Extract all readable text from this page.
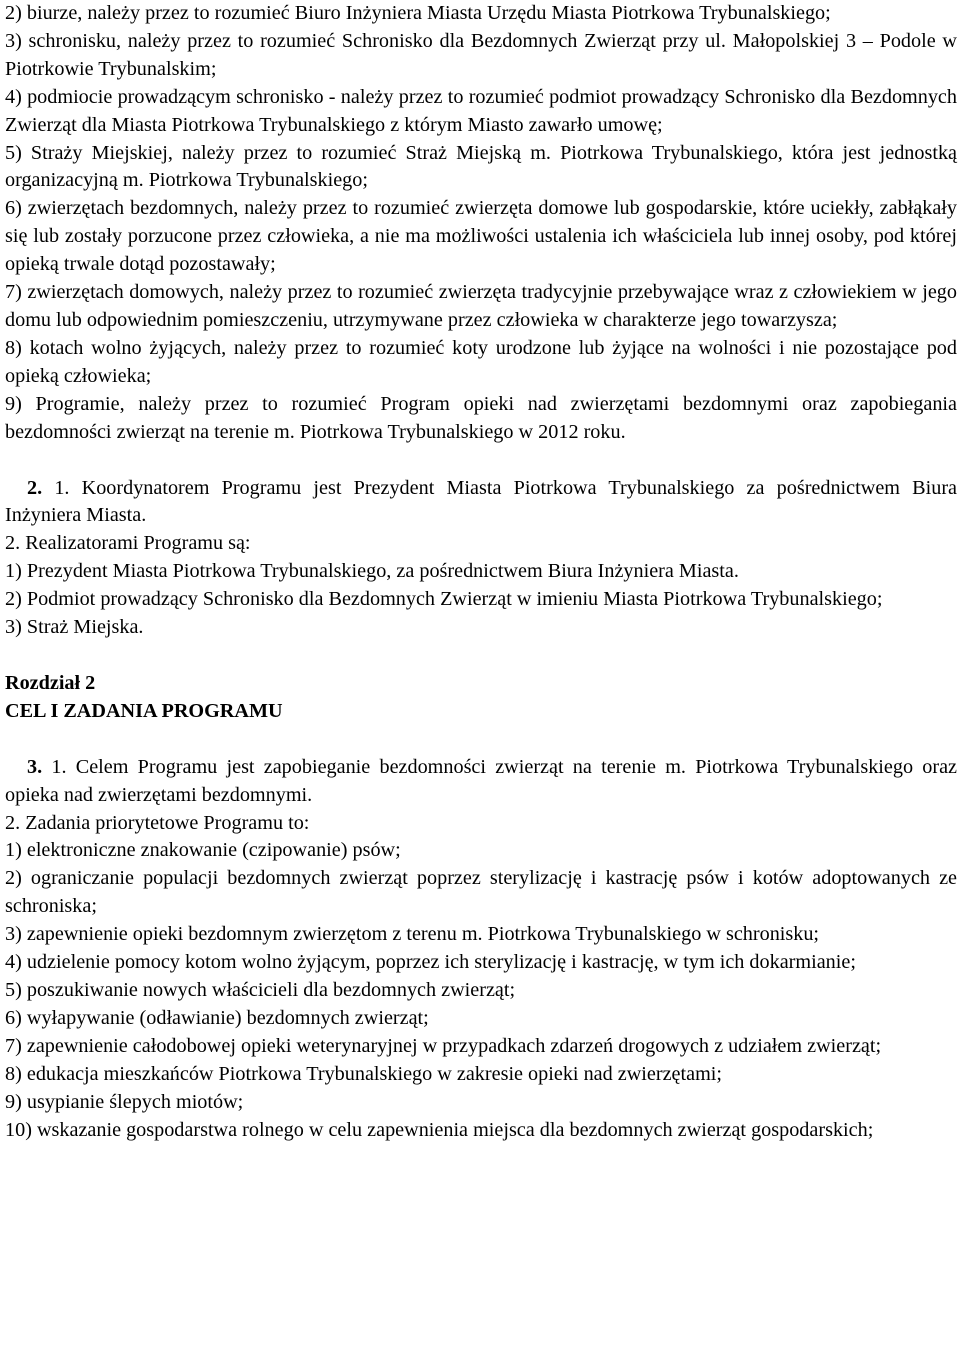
2) biurze, należy przez to rozumieć Biuro Inżyniera Miasta Urzędu Miasta Piotrkowa Trybunalskiego;

3) schronisku, należy przez to rozumieć Schronisko dla Bezdomnych Zwierząt przy ul. Małopolskiej 3 – Podole w Piotrkowie Trybunalskim;

4) podmiocie prowadzącym schronisko - należy przez to rozumieć podmiot prowadzący Schronisko dla Bezdomnych Zwierząt dla Miasta Piotrkowa Trybunalskiego z którym Miasto zawarło umowę;

5) Straży Miejskiej, należy przez to rozumieć Straż Miejską m. Piotrkowa Trybunalskiego, która jest jednostką organizacyjną m. Piotrkowa Trybunalskiego;

6) zwierzętach bezdomnych, należy przez to rozumieć zwierzęta domowe lub gospodarskie, które uciekły, zabłąkały się lub zostały porzucone przez człowieka, a nie ma możliwości ustalenia ich właściciela lub innej osoby, pod której opieką trwale dotąd pozostawały;

7) zwierzętach domowych, należy przez to rozumieć zwierzęta tradycyjnie przebywające wraz z człowiekiem w jego domu lub odpowiednim pomieszczeniu, utrzymywane przez człowieka w charakterze jego towarzysza;

8) kotach wolno żyjących, należy przez to rozumieć koty urodzone lub żyjące na wolności i nie pozostające pod opieką człowieka;

9) Programie, należy przez to rozumieć Program opieki nad zwierzętami bezdomnymi oraz zapobiegania bezdomności zwierząt na terenie m. Piotrkowa Trybunalskiego w 2012 roku.

2. 1. Koordynatorem Programu jest Prezydent Miasta Piotrkowa Trybunalskiego za pośrednictwem Biura Inżyniera Miasta.

2. Realizatorami Programu są:

1) Prezydent Miasta Piotrkowa Trybunalskiego, za pośrednictwem Biura Inżyniera Miasta.

2) Podmiot prowadzący Schronisko dla Bezdomnych Zwierząt w imieniu Miasta Piotrkowa Trybunalskiego;

3) Straż Miejska.

Rozdział 2

CEL I ZADANIA PROGRAMU

3. 1. Celem Programu jest zapobieganie bezdomności zwierząt na terenie m. Piotrkowa Trybunalskiego oraz opieka nad zwierzętami bezdomnymi.

2. Zadania priorytetowe Programu to:

1) elektroniczne znakowanie (czipowanie) psów;

2) ograniczanie populacji bezdomnych zwierząt poprzez sterylizację i kastrację psów i kotów adoptowanych ze schroniska;

3) zapewnienie opieki bezdomnym zwierzętom z terenu m. Piotrkowa Trybunalskiego w schronisku;

4) udzielenie pomocy kotom wolno żyjącym, poprzez ich sterylizację i kastrację, w tym ich dokarmianie;

5) poszukiwanie nowych właścicieli dla bezdomnych zwierząt;

6) wyłapywanie (odławianie) bezdomnych zwierząt;

7) zapewnienie całodobowej opieki weterynaryjnej w przypadkach zdarzeń drogowych z udziałem zwierząt;

8) edukacja mieszkańców Piotrkowa Trybunalskiego w zakresie opieki nad zwierzętami;

9) usypianie ślepych miotów;

10) wskazanie gospodarstwa rolnego w celu zapewnienia miejsca dla bezdomnych zwierząt gospodarskich;
